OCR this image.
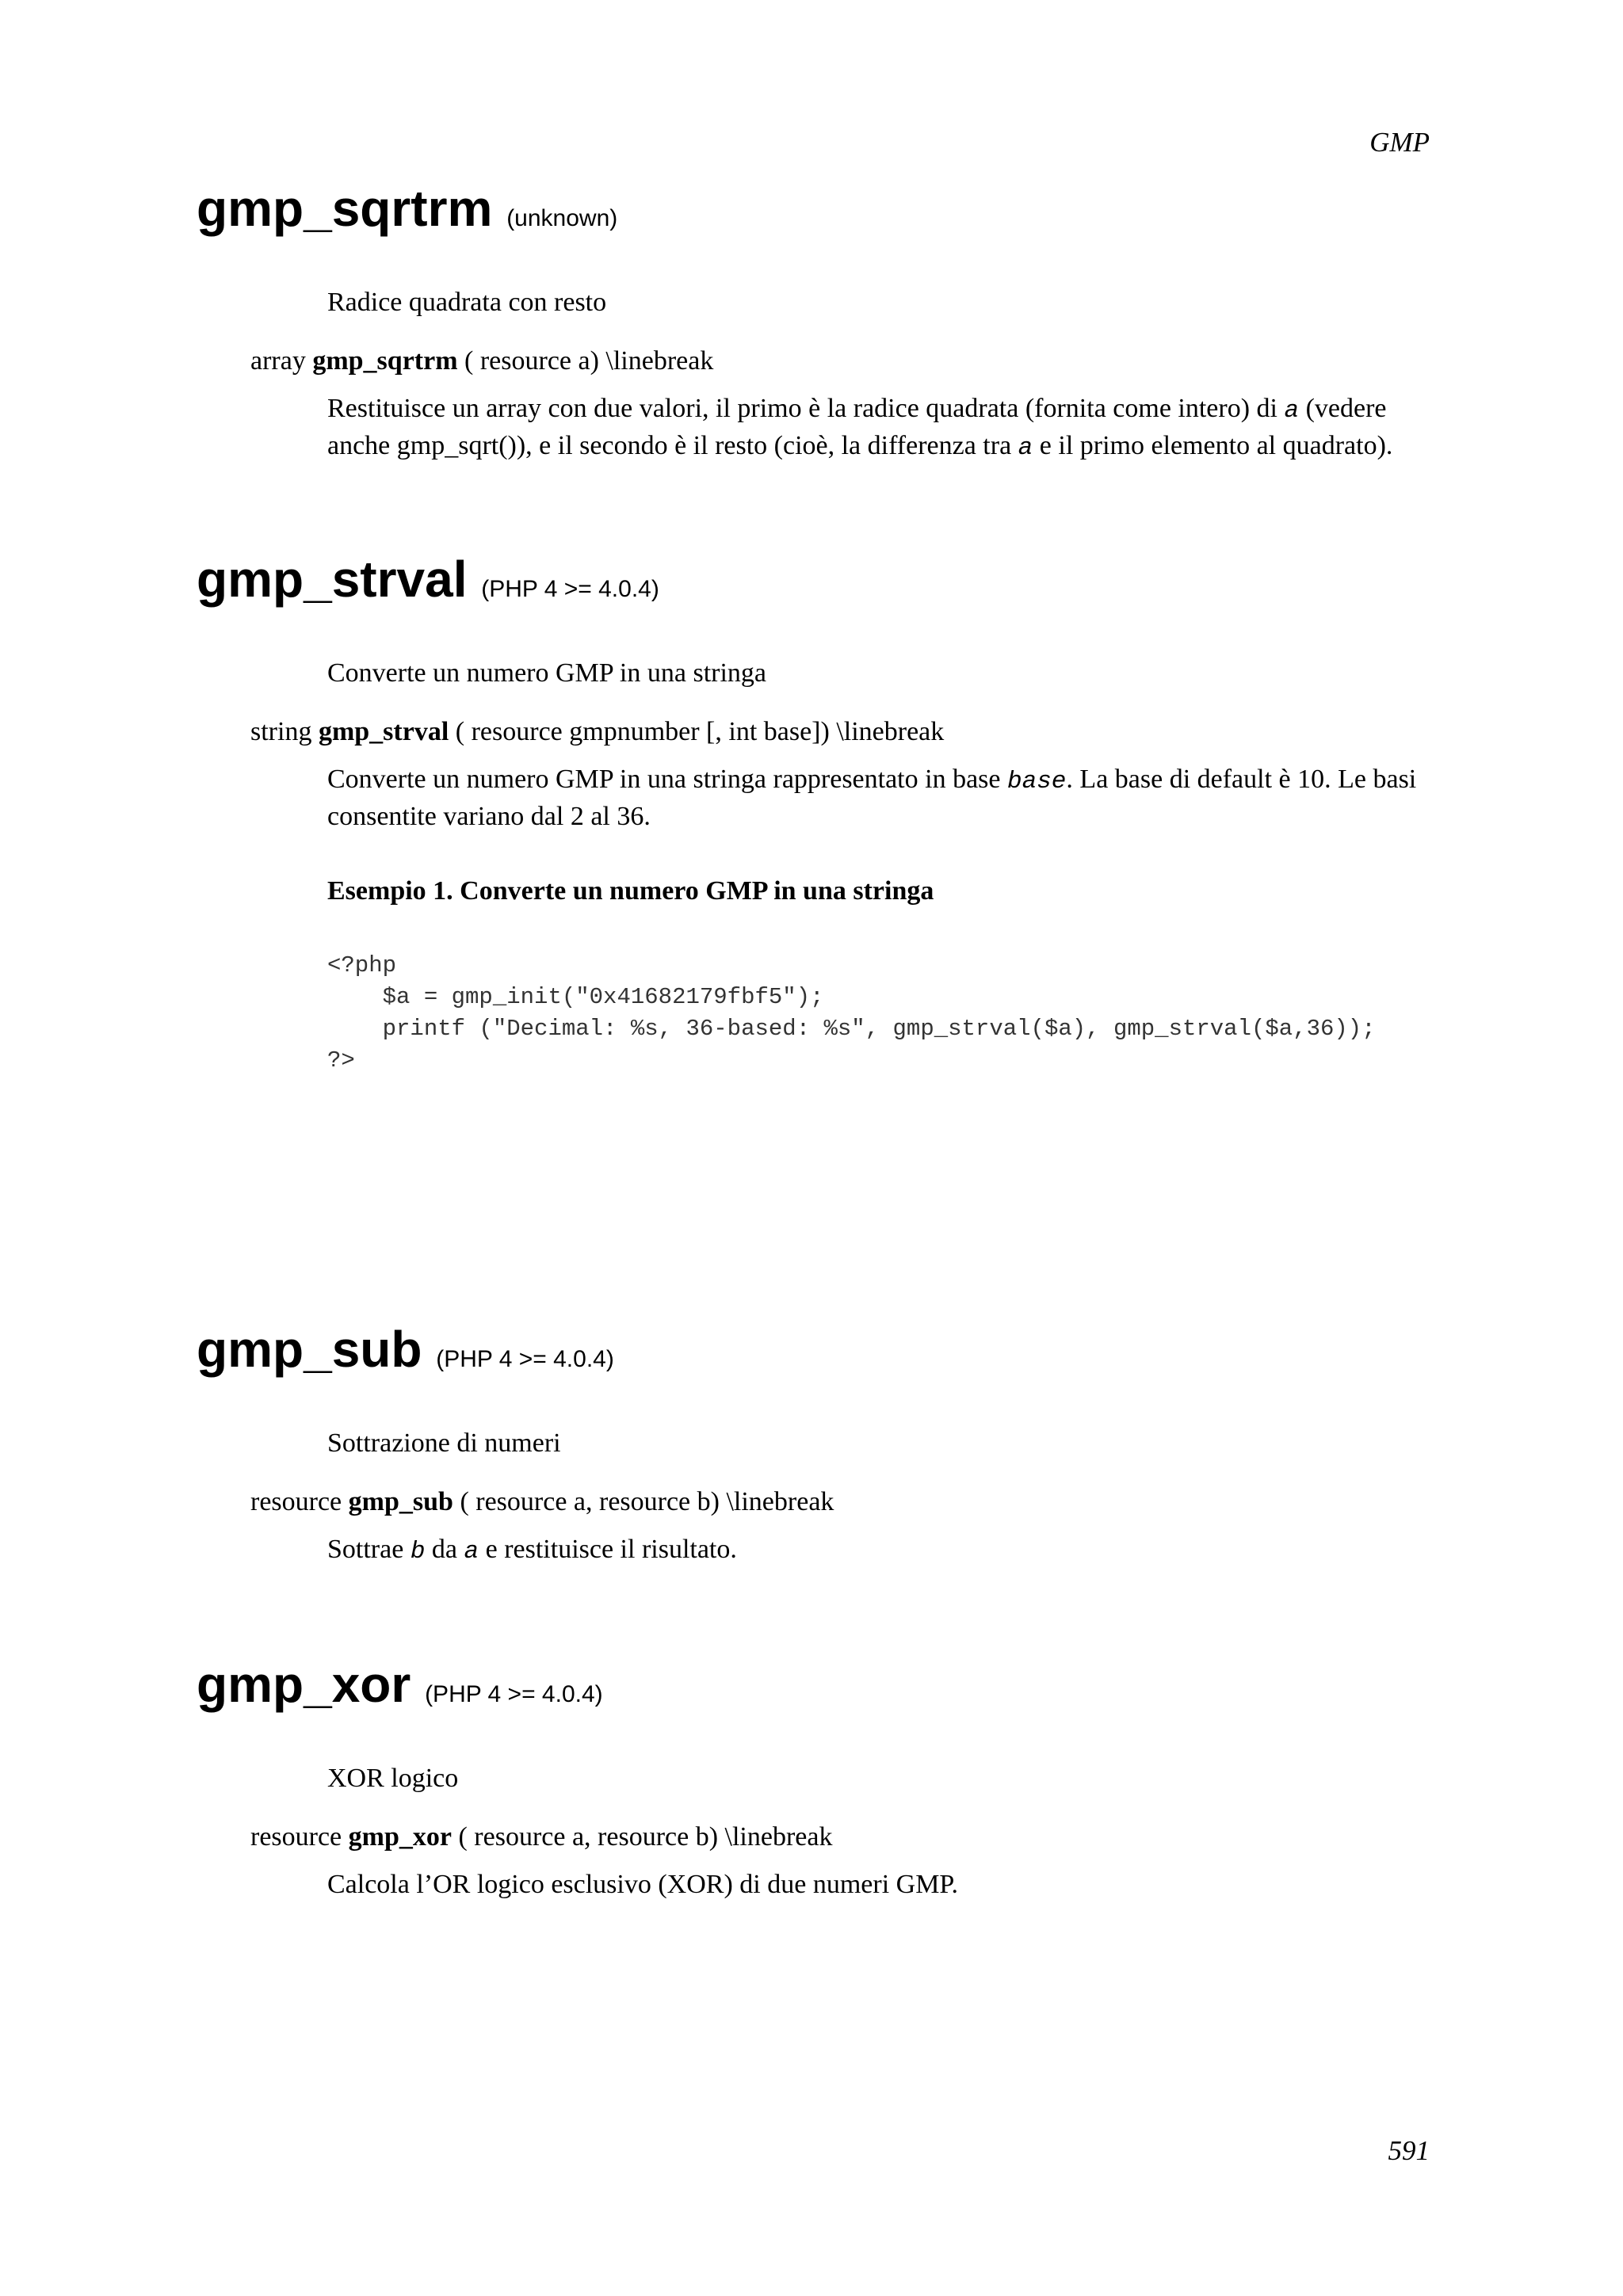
GMP
gmp_sqrtrm (unknown)
Radice quadrata con resto
array gmp_sqrtrm ( resource a) \linebreak
Restituisce un array con due valori, il primo è la radice quadrata (fornita come intero) di a (vedere anche gmp_sqrt()), e il secondo è il resto (cioè, la differenza tra a e il primo elemento al quadrato).
gmp_strval (PHP 4 >= 4.0.4)
Converte un numero GMP in una stringa
string gmp_strval ( resource gmpnumber [, int base]) \linebreak
Converte un numero GMP in una stringa rappresentato in base base. La base di default è 10. Le basi consentite variano dal 2 al 36.
Esempio 1. Converte un numero GMP in una stringa
<?php
$a = gmp_init("0x41682179fbf5");
printf ("Decimal: %s, 36-based: %s", gmp_strval($a), gmp_strval($a,36));
?>
gmp_sub (PHP 4 >= 4.0.4)
Sottrazione di numeri
resource gmp_sub ( resource a, resource b) \linebreak
Sottrae b da a e restituisce il risultato.
gmp_xor (PHP 4 >= 4.0.4)
XOR logico
resource gmp_xor ( resource a, resource b) \linebreak
Calcola l’OR logico esclusivo (XOR) di due numeri GMP.
591
